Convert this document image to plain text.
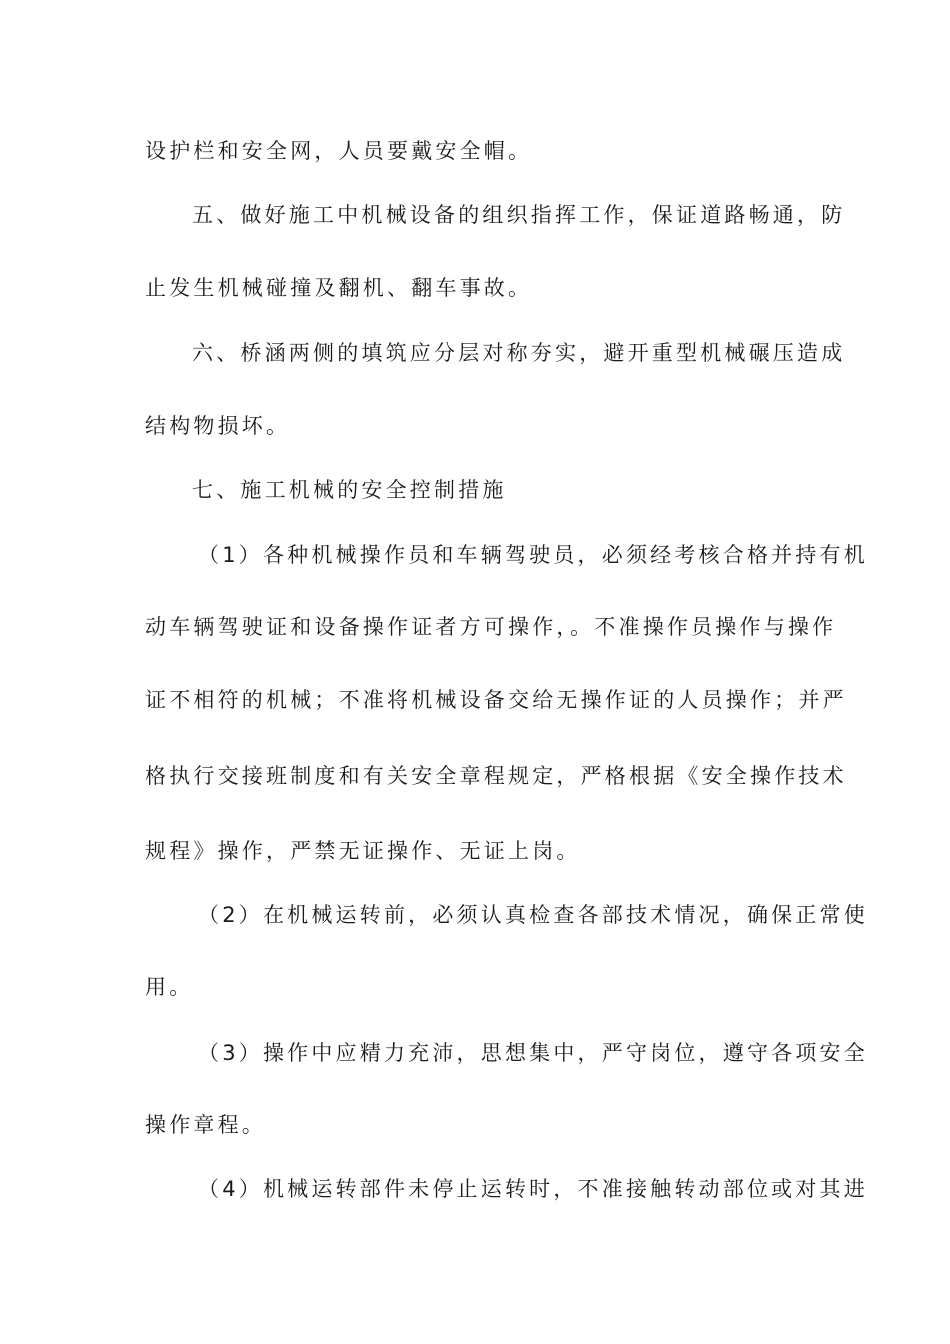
设护栏和安全网，人员要戴安全帽。
五、做好施工中机械设备的组织指挥工作，保证道路畅通，防
止发生机械碰撞及翻机、翻车事故。
六、桥涵两侧的填筑应分层对称夯实，避开重型机械碾压造成
结构物损坏。
七、施工机械的安全控制措施
（1）各种机械操作员和车辆驾驶员，必须经考核合格并持有机
动车辆驾驶证和设备操作证者方可操作，。不准操作员操作与操作
证不相符的机械；不准将机械设备交给无操作证的人员操作；并严
格执行交接班制度和有关安全章程规定，严格根据《安全操作技术
规程》操作，严禁无证操作、无证上岗。
（2）在机械运转前，必须认真检查各部技术情况，确保正常使
用。
（3）操作中应精力充沛，思想集中，严守岗位，遵守各项安全
操作章程。
（4）机械运转部件未停止运转时，不准接触转动部位或对其进
